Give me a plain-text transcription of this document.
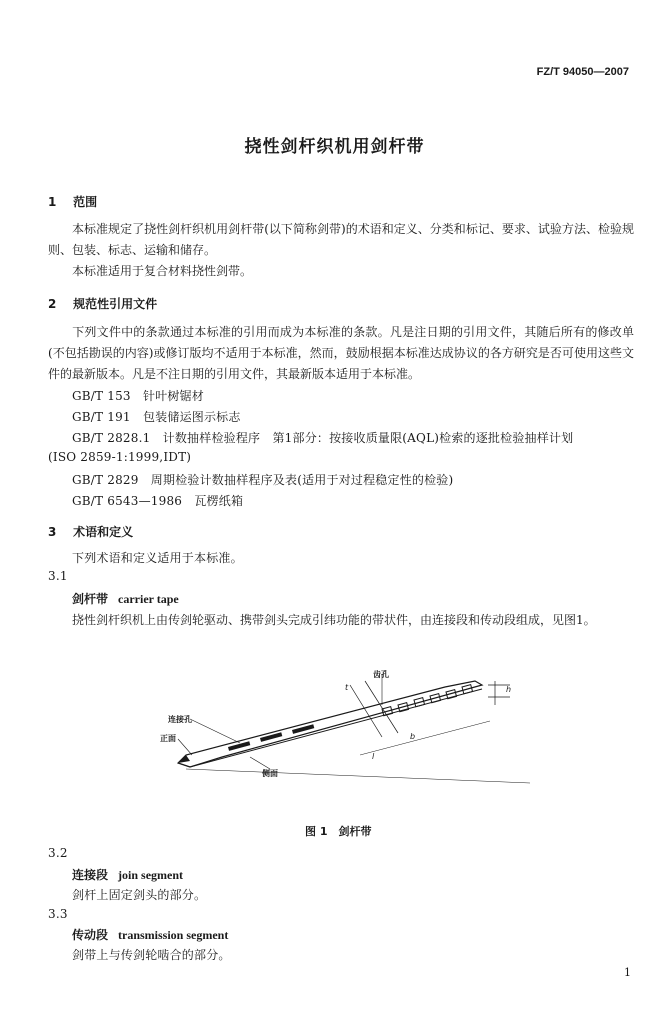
FZ/T 94050—2007
挠性剑杆织机用剑杆带
1 范围
本标准规定了挠性剑杆织机用剑杆带(以下简称剑带)的术语和定义、分类和标记、要求、试验方法、检验规则、包装、标志、运输和储存。
本标准适用于复合材料挠性剑带。
2 规范性引用文件
下列文件中的条款通过本标准的引用而成为本标准的条款。凡是注日期的引用文件，其随后所有的修改单(不包括勘误的内容)或修订版均不适用于本标准，然而，鼓励根据本标准达成协议的各方研究是否可使用这些文件的最新版本。凡是不注日期的引用文件，其最新版本适用于本标准。
GB/T 153　针叶树锯材
GB/T 191　包装储运图示标志
GB/T 2828.1　计数抽样检验程序　第1部分：按接收质量限(AQL)检索的逐批检验抽样计划
(ISO 2859-1:1999,IDT)
GB/T 2829　周期检验计数抽样程序及表(适用于对过程稳定性的检验)
GB/T 6543—1986　瓦楞纸箱
3 术语和定义
下列术语和定义适用于本标准。
3.1
剑杆带 carrier tape
挠性剑杆织机上由传剑轮驱动、携带剑头完成引纬功能的带状件，由连接段和传动段组成，见图1。
齿孔
连接孔
正面
侧面
t	h
b
l
图 1　剑杆带
3.2
连接段 join segment
剑杆上固定剑头的部分。
3.3
传动段 transmission segment
剑带上与传剑轮啮合的部分。
1
